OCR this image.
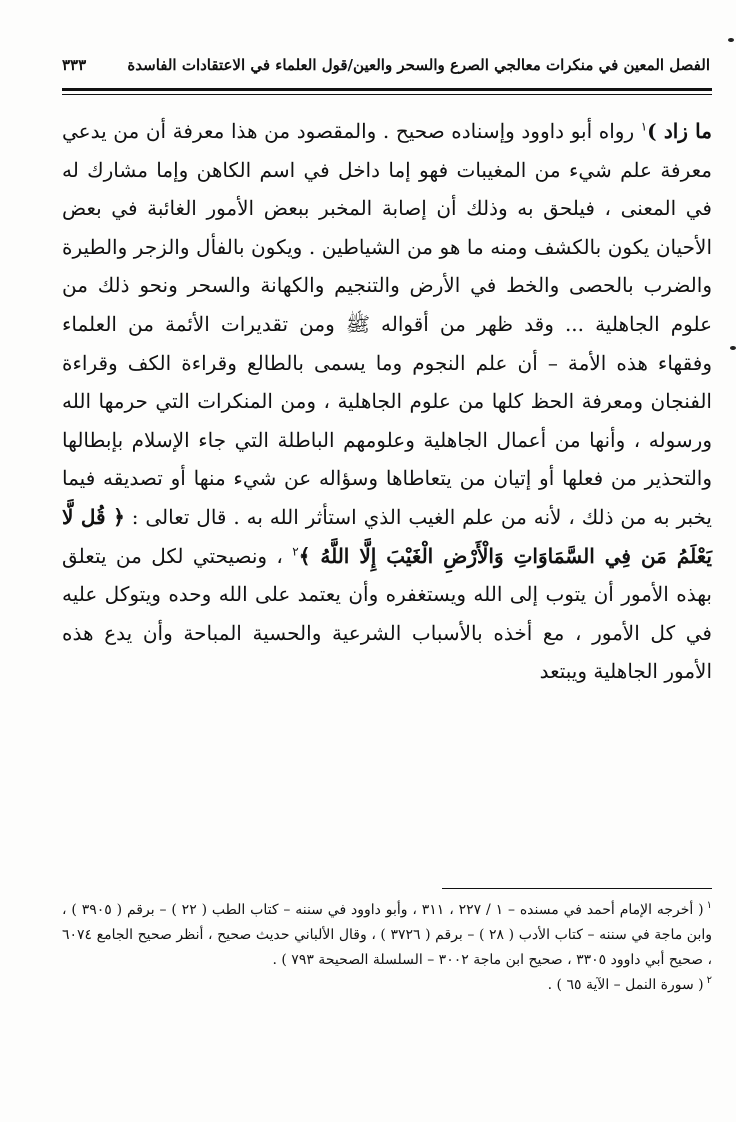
الفصل المعين في منكرات معالجي الصرع والسحر والعين/قول العلماء في الاعتقادات الفاسدة
٣٣٣

ما زاد )$^١$ رواه أبو داوود وإسناده صحيح . والمقصود من هذا معرفة أن من يدعي معرفة علم شيء من المغيبات فهو إما داخل في اسم الكاهن وإما مشارك له في المعنى ، فيلحق به وذلك أن إصابة المخبر ببعض الأمور الغائبة في بعض الأحيان يكون بالكشف ومنه ما هو من الشياطين . ويكون بالفأل والزجر والطيرة والضرب بالحصى والخط في الأرض والتنجيم والكهانة والسحر ونحو ذلك من علوم الجاهلية ... وقد ظهر من أقواله ﷺ ومن تقديرات الأئمة من العلماء وفقهاء هذه الأمة – أن علم النجوم وما يسمى بالطالع وقراءة الكف وقراءة الفنجان ومعرفة الحظ كلها من علوم الجاهلية ، ومن المنكرات التي حرمها الله ورسوله ، وأنها من أعمال الجاهلية وعلومهم الباطلة التي جاء الإسلام بإبطالها والتحذير من فعلها أو إتيان من يتعاطاها وسؤاله عن شيء منها أو تصديقه فيما يخبر به من ذلك ، لأنه من علم الغيب الذي استأثر الله به . قال تعالى : ﴿ قُل لَّا يَعْلَمُ مَن فِي السَّمَاوَاتِ وَالْأَرْضِ الْغَيْبَ إِلَّا اللَّهُ ﴾$^٢$ ، ونصيحتي لكل من يتعلق بهذه الأمور أن يتوب إلى الله ويستغفره وأن يعتمد على الله وحده ويتوكل عليه في كل الأمور ، مع أخذه بالأسباب الشرعية والحسية المباحة وأن يدع هذه الأمور الجاهلية ويبتعد

$^١$( أخرجه الإمام أحمد في مسنده – ١ / ٢٢٧ ، ٣١١ ، وأبو داوود في سننه – كتاب الطب ( ٢٢ ) – برقم ( ٣٩٠٥ ) ، وابن ماجة في سننه – كتاب الأدب ( ٢٨ ) – برقم ( ٣٧٢٦ ) ، وقال الألباني حديث صحيح ، أنظر صحيح الجامع ٦٠٧٤ ، صحيح أبي داوود ٣٣٠٥ ، صحيح ابن ماجة ٣٠٠٢ – السلسلة الصحيحة ٧٩٣ ) .

$^٢$( سورة النمل – الآية ٦٥ ) .
